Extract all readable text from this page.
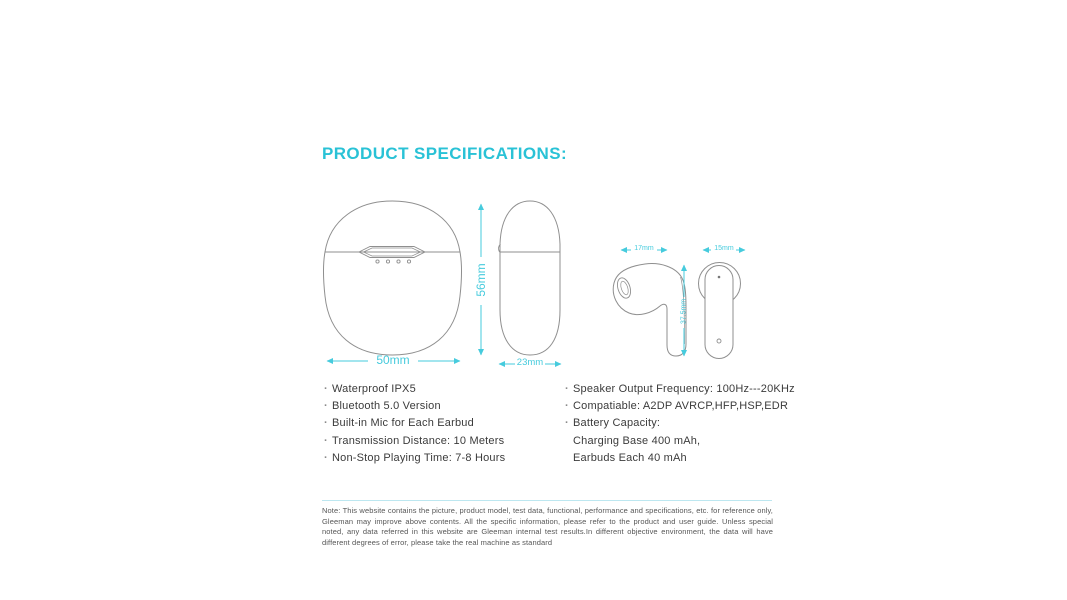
PRODUCT SPECIFICATIONS:
50mm	23mm
56mm
37.5mm
17mm	15mm
· Waterproof IPX5
· Bluetooth 5.0 Version
· Built-in Mic for Each Earbud
· Transmission Distance: 10 Meters
· Non-Stop Playing Time: 7-8 Hours
· Speaker Output Frequency: 100Hz---20KHz
· Compatiable: A2DP AVRCP,HFP,HSP,EDR
· Battery Capacity:
Charging Base 400 mAh,
Earbuds Each 40 mAh
Note: This website contains the picture, product model, test data, functional, performance and specifications, etc. for reference only, Gleeman may improve above contents. All the specific information, please refer to the product and user guide. Unless special noted, any data referred in this website are Gleeman internal test results.In different objective environment, the data will have different degrees of error, please take the real machine as standard
